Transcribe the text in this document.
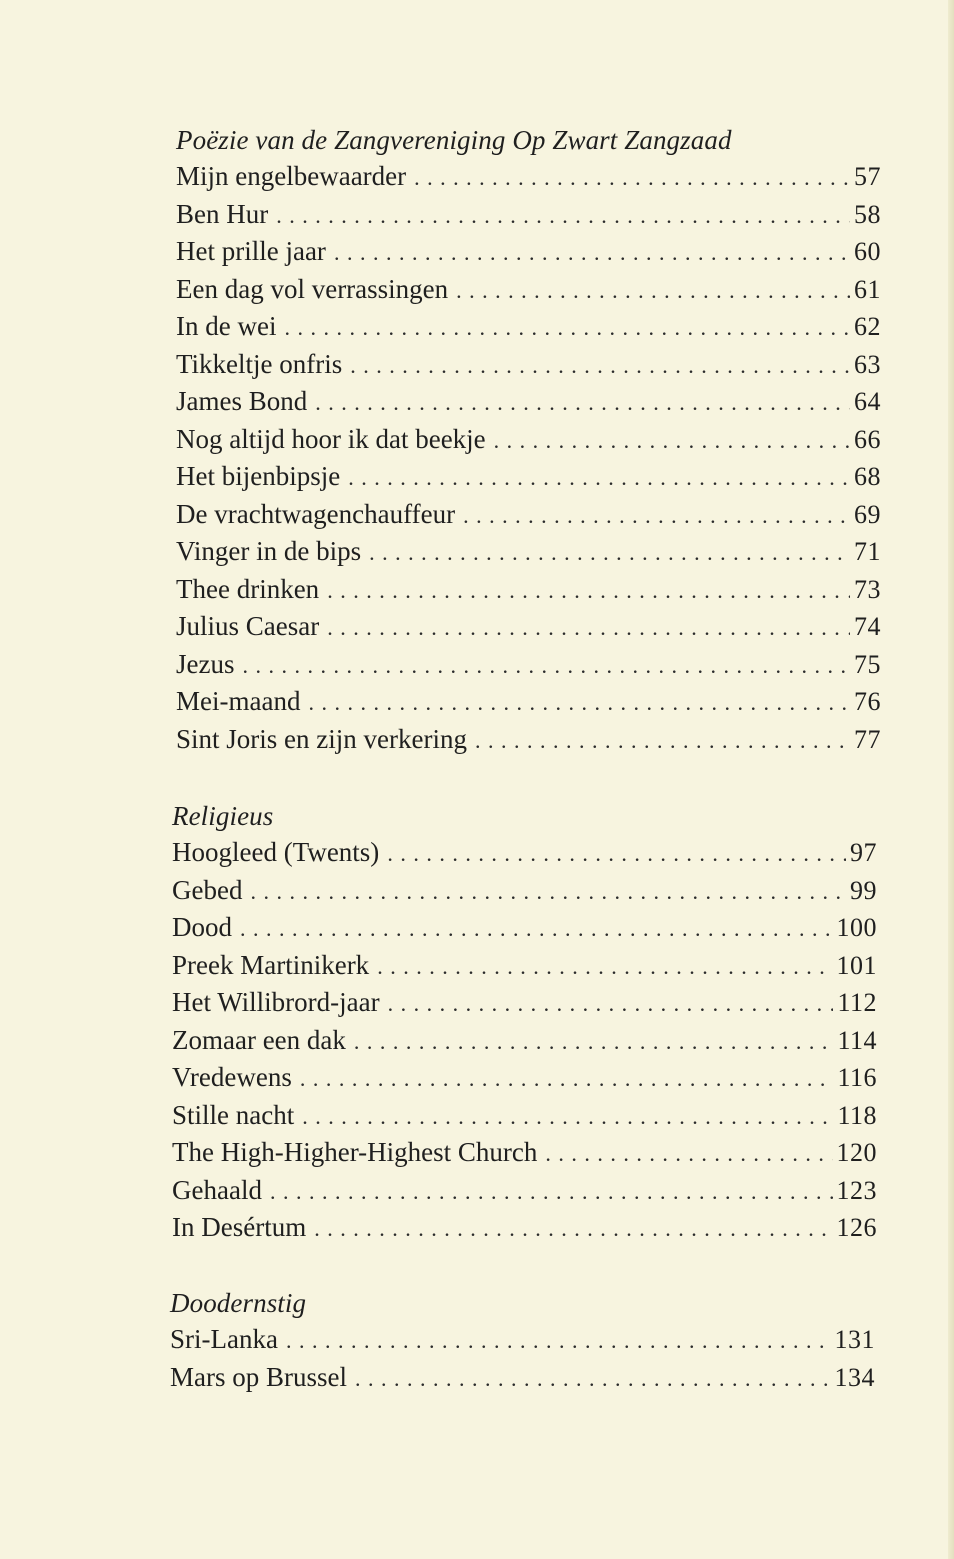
Poëzie van de Zangvereniging Op Zwart Zangzaad
Mijn engelbewaarder . . .	57
Ben Hur . . .	58
Het prille jaar . . .	60
Een dag vol verrassingen . . .	61
In de wei . . .	62
Tikkeltje onfris . . .	63
James Bond . . .	64
Nog altijd hoor ik dat beekje . . .	66
Het bijenbipsje . . .	68
De vrachtwagenchauffeur . . .	69
Vinger in de bips . . .	71
Thee drinken . . .	73
Julius Caesar . . .	74
Jezus . . .	75
Mei-maand . . .	76
Sint Joris en zijn verkering . . .	77
Religieus
Hoogleed (Twents) . . .	97
Gebed . . .	99
Dood . . .	100
Preek Martinikerk . . .	101
Het Willibrord-jaar . . .	112
Zomaar een dak . . .	114
Vredewens . . .	116
Stille nacht . . .	118
The High-Higher-Highest Church . . .	120
Gehaald . . .	123
In Desértum . . .	126
Doodernstig
Sri-Lanka . . .	131
Mars op Brussel . . .	134
